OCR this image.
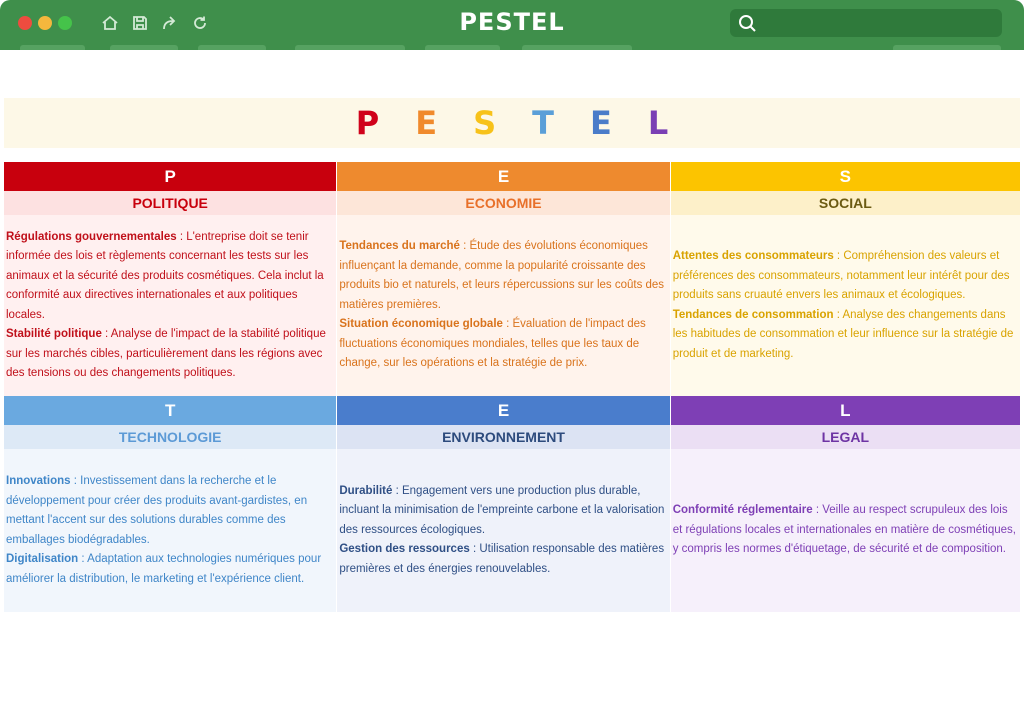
PESTEL
P E S T E L
P
POLITIQUE

Régulations gouvernementales : L'entreprise doit se tenir informée des lois et règlements concernant les tests sur les animaux et la sécurité des produits cosmétiques. Cela inclut la conformité aux directives internationales et aux politiques locales.

Stabilité politique : Analyse de l'impact de la stabilité politique sur les marchés cibles, particulièrement dans les régions avec des tensions ou des changements politiques.

E
ECONOMIE

Tendances du marché : Étude des évolutions économiques influençant la demande, comme la popularité croissante des produits bio et naturels, et leurs répercussions sur les coûts des matières premières.

Situation économique globale : Évaluation de l'impact des fluctuations économiques mondiales, telles que les taux de change, sur les opérations et la stratégie de prix.

S
SOCIAL

Attentes des consommateurs : Compréhension des valeurs et préférences des consommateurs, notamment leur intérêt pour des produits sans cruauté envers les animaux et écologiques.

Tendances de consommation : Analyse des changements dans les habitudes de consommation et leur influence sur la stratégie de produit et de marketing.

T
TECHNOLOGIE

Innovations : Investissement dans la recherche et le développement pour créer des produits avant-gardistes, en mettant l'accent sur des solutions durables comme des emballages biodégradables.

Digitalisation : Adaptation aux technologies numériques pour améliorer la distribution, le marketing et l'expérience client.

E
ENVIRONNEMENT

Durabilité : Engagement vers une production plus durable, incluant la minimisation de l'empreinte carbone et la valorisation des ressources écologiques.

Gestion des ressources : Utilisation responsable des matières premières et des énergies renouvelables.

L
LEGAL

Conformité réglementaire : Veille au respect scrupuleux des lois et régulations locales et internationales en matière de cosmétiques, y compris les normes d'étiquetage, de sécurité et de composition.
